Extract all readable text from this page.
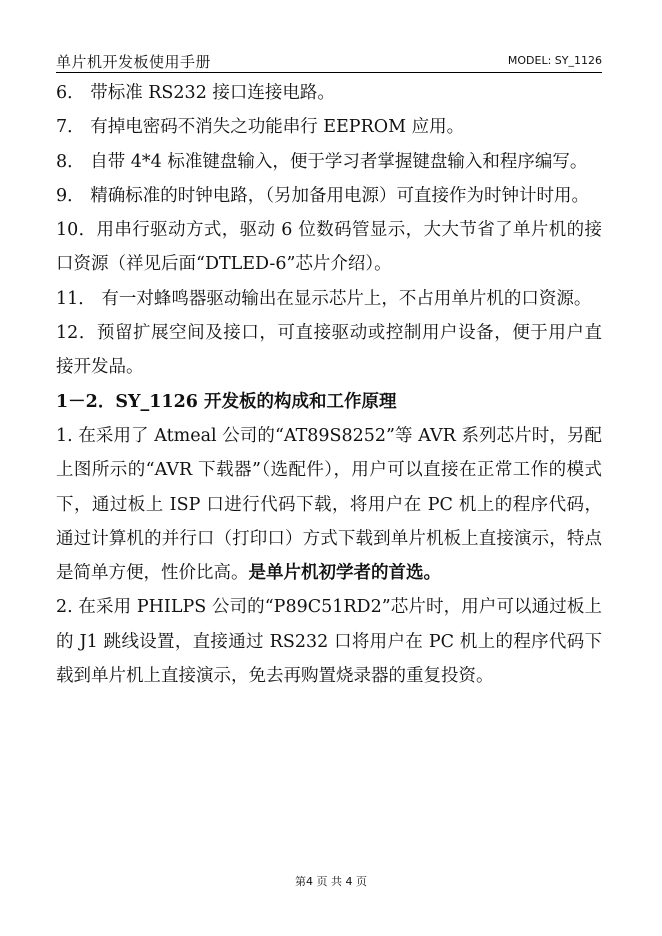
单片机开发板使用手册	MODEL: SY_1126

6． 带标准 RS232 接口连接电路。

7． 有掉电密码不消失之功能串行 EEPROM 应用。

8． 自带 4*4 标准键盘输入，便于学习者掌握键盘输入和程序编写。

9． 精确标准的时钟电路，（另加备用电源）可直接作为时钟计时用。

10．用串行驱动方式，驱动 6 位数码管显示，大大节省了单片机的接口资源（祥见后面“DTLED-6”芯片介绍）。

11． 有一对蜂鸣器驱动输出在显示芯片上，不占用单片机的口资源。

12．预留扩展空间及接口，可直接驱动或控制用户设备，便于用户直接开发品。

1－2．SY_1126 开发板的构成和工作原理

1. 在采用了 Atmeal 公司的“AT89S8252”等 AVR 系列芯片时，另配上图所示的“AVR 下载器”（选配件），用户可以直接在正常工作的模式下，通过板上 ISP 口进行代码下载，将用户在 PC 机上的程序代码，通过计算机的并行口（打印口）方式下载到单片机板上直接演示，特点是简单方便，性价比高。是单片机初学者的首选。

2. 在采用 PHILPS 公司的“P89C51RD2”芯片时，用户可以通过板上的 J1 跳线设置，直接通过 RS232 口将用户在 PC 机上的程序代码下载到单片机上直接演示，免去再购置烧录器的重复投资。

第4 页 共 4 页
